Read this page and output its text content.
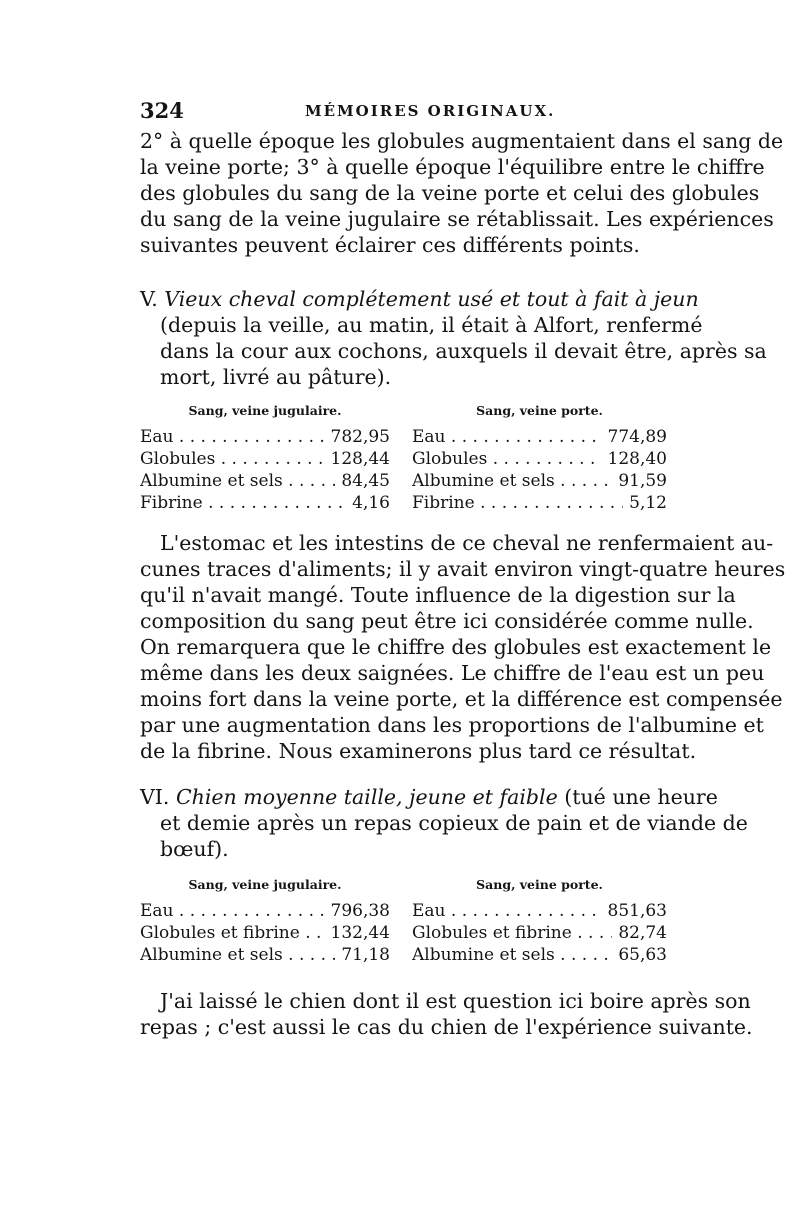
324	MÉMOIRES ORIGINAUX.
2° à quelle époque les globules augmentaient dans el sang de
la veine porte; 3° à quelle époque l'équilibre entre le chiffre
des globules du sang de la veine porte et celui des globules
du sang de la veine jugulaire se rétablissait. Les expériences
suivantes peuvent éclairer ces différents points.
V. Vieux cheval complétement usé et tout à fait à jeun
(depuis la veille, au matin, il était à Alfort, renfermé
dans la cour aux cochons, auxquels il devait être, après sa
mort, livré au pâture).
Sang, veine jugulaire.
Eau . . .	782,95
Globules . . .	128,44
Albumine et sels . . .	84,45
Fibrine . . .	4,16
Sang, veine porte.
Eau . . .	774,89
Globules . . .	128,40
Albumine et sels . . .	91,59
Fibrine . . .	5,12
L'estomac et les intestins de ce cheval ne renfermaient au-
cunes traces d'aliments; il y avait environ vingt-quatre heures
qu'il n'avait mangé. Toute influence de la digestion sur la
composition du sang peut être ici considérée comme nulle.
On remarquera que le chiffre des globules est exactement le
même dans les deux saignées. Le chiffre de l'eau est un peu
moins fort dans la veine porte, et la différence est compensée
par une augmentation dans les proportions de l'albumine et
de la fibrine. Nous examinerons plus tard ce résultat.
VI. Chien moyenne taille, jeune et faible (tué une heure
et demie après un repas copieux de pain et de viande de
bœuf).
Sang, veine jugulaire.
Eau . . .	796,38
Globules et fibrine . . .	132,44
Albumine et sels . . .	71,18
Sang, veine porte.
Eau . . .	851,63
Globules et fibrine . . .	82,74
Albumine et sels . . .	65,63
J'ai laissé le chien dont il est question ici boire après son
repas ; c'est aussi le cas du chien de l'expérience suivante.
